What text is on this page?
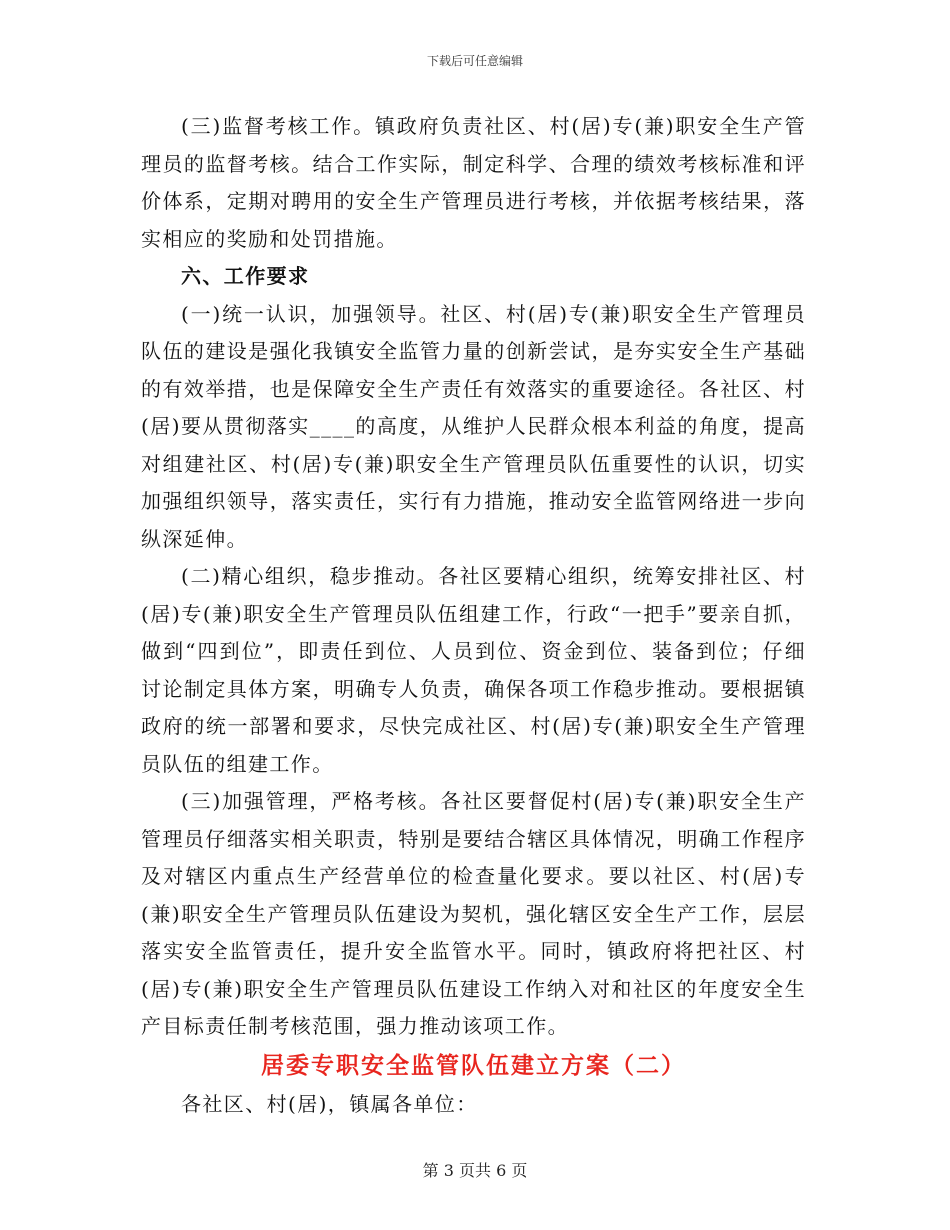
下载后可任意编辑

(三)监督考核工作。镇政府负责社区、村(居)专(兼)职安全生产管理员的监督考核。结合工作实际，制定科学、合理的绩效考核标准和评价体系，定期对聘用的安全生产管理员进行考核，并依据考核结果，落实相应的奖励和处罚措施。

六、工作要求

(一)统一认识，加强领导。社区、村(居)专(兼)职安全生产管理员队伍的建设是强化我镇安全监管力量的创新尝试，是夯实安全生产基础的有效举措，也是保障安全生产责任有效落实的重要途径。各社区、村(居)要从贯彻落实____的高度，从维护人民群众根本利益的角度，提高对组建社区、村(居)专(兼)职安全生产管理员队伍重要性的认识，切实加强组织领导，落实责任，实行有力措施，推动安全监管网络进一步向纵深延伸。

(二)精心组织，稳步推动。各社区要精心组织，统筹安排社区、村(居)专(兼)职安全生产管理员队伍组建工作，行政“一把手”要亲自抓，做到“四到位”，即责任到位、人员到位、资金到位、装备到位；仔细讨论制定具体方案，明确专人负责，确保各项工作稳步推动。要根据镇政府的统一部署和要求，尽快完成社区、村(居)专(兼)职安全生产管理员队伍的组建工作。

(三)加强管理，严格考核。各社区要督促村(居)专(兼)职安全生产管理员仔细落实相关职责，特别是要结合辖区具体情况，明确工作程序及对辖区内重点生产经营单位的检查量化要求。要以社区、村(居)专(兼)职安全生产管理员队伍建设为契机，强化辖区安全生产工作，层层落实安全监管责任，提升安全监管水平。同时，镇政府将把社区、村(居)专(兼)职安全生产管理员队伍建设工作纳入对和社区的年度安全生产目标责任制考核范围，强力推动该项工作。

居委专职安全监管队伍建立方案（二）

各社区、村(居)，镇属各单位：

第 3 页共 6 页
